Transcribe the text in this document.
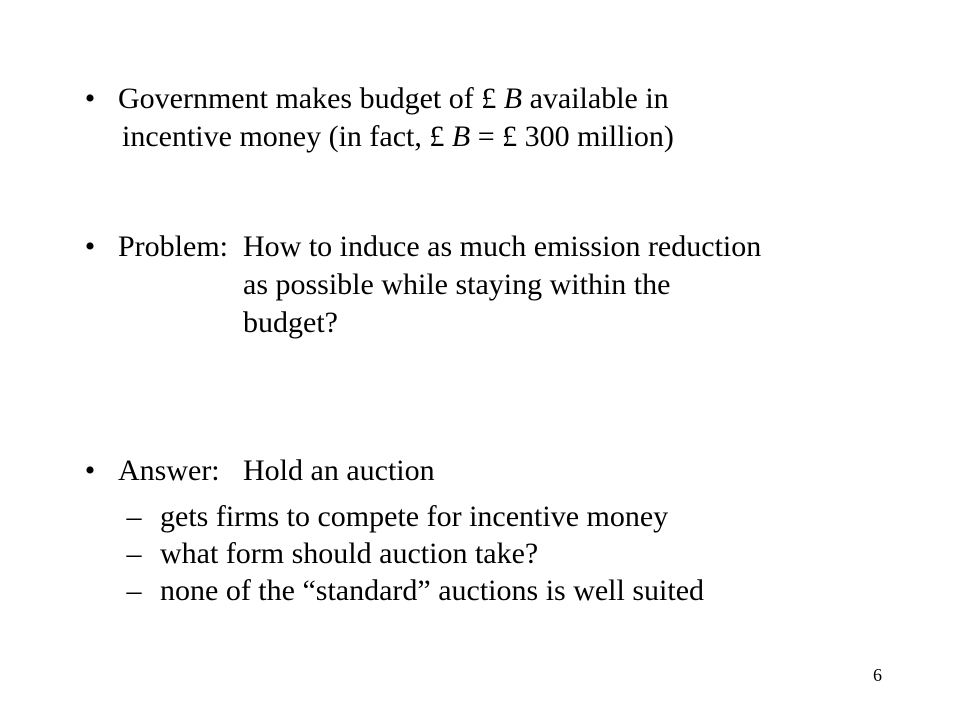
• Government makes budget of £ B available in
incentive money (in fact, £ B = £ 300 million)
• Problem: How to induce as much emission reduction
as possible while staying within the
budget?
• Answer: Hold an auction
– gets firms to compete for incentive money
– what form should auction take?
– none of the “standard” auctions is well suited
6
